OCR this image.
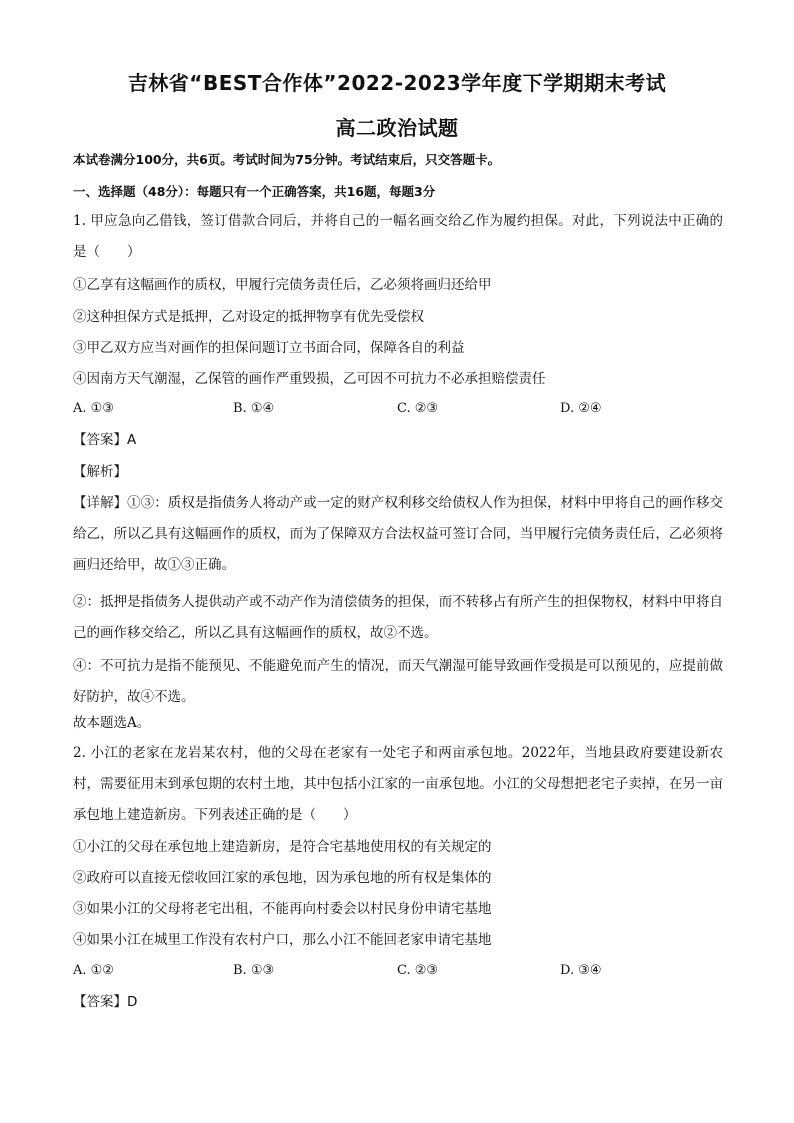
吉林省“BEST合作体”2022-2023学年度下学期期末考试
高二政治试题
本试卷满分100分，共6页。考试时间为75分钟。考试结束后，只交答题卡。
一、选择题（48分）：每题只有一个正确答案，共16题，每题3分
1. 甲应急向乙借钱，签订借款合同后，并将自己的一幅名画交给乙作为履约担保。对此，下列说法中正确的是（　　）
①乙享有这幅画作的质权，甲履行完债务责任后，乙必须将画归还给甲
②这种担保方式是抵押，乙对设定的抵押物享有优先受偿权
③甲乙双方应当对画作的担保问题订立书面合同，保障各自的利益
④因南方天气潮湿，乙保管的画作严重毁损，乙可因不可抗力不必承担赔偿责任
A. ①③	B. ①④	C. ②③	D. ②④
【答案】A
【解析】
【详解】①③：质权是指债务人将动产或一定的财产权利移交给债权人作为担保，材料中甲将自己的画作移交给乙，所以乙具有这幅画作的质权，而为了保障双方合法权益可签订合同，当甲履行完债务责任后，乙必须将画归还给甲，故①③正确。
②：抵押是指债务人提供动产或不动产作为清偿债务的担保，而不转移占有所产生的担保物权，材料中甲将自己的画作移交给乙，所以乙具有这幅画作的质权，故②不选。
④：不可抗力是指不能预见、不能避免而产生的情况，而天气潮湿可能导致画作受损是可以预见的，应提前做好防护，故④不选。
故本题选A。
2. 小江的老家在龙岩某农村，他的父母在老家有一处宅子和两亩承包地。2022年，当地县政府要建设新农村，需要征用末到承包期的农村土地，其中包括小江家的一亩承包地。小江的父母想把老宅子卖掉，在另一亩承包地上建造新房。下列表述正确的是（　　）
①小江的父母在承包地上建造新房，是符合宅基地使用权的有关规定的
②政府可以直接无偿收回江家的承包地，因为承包地的所有权是集体的
③如果小江的父母将老宅出租，不能再向村委会以村民身份申请宅基地
④如果小江在城里工作没有农村户口，那么小江不能回老家申请宅基地
A. ①②	B. ①③	C. ②③	D. ③④
【答案】D
